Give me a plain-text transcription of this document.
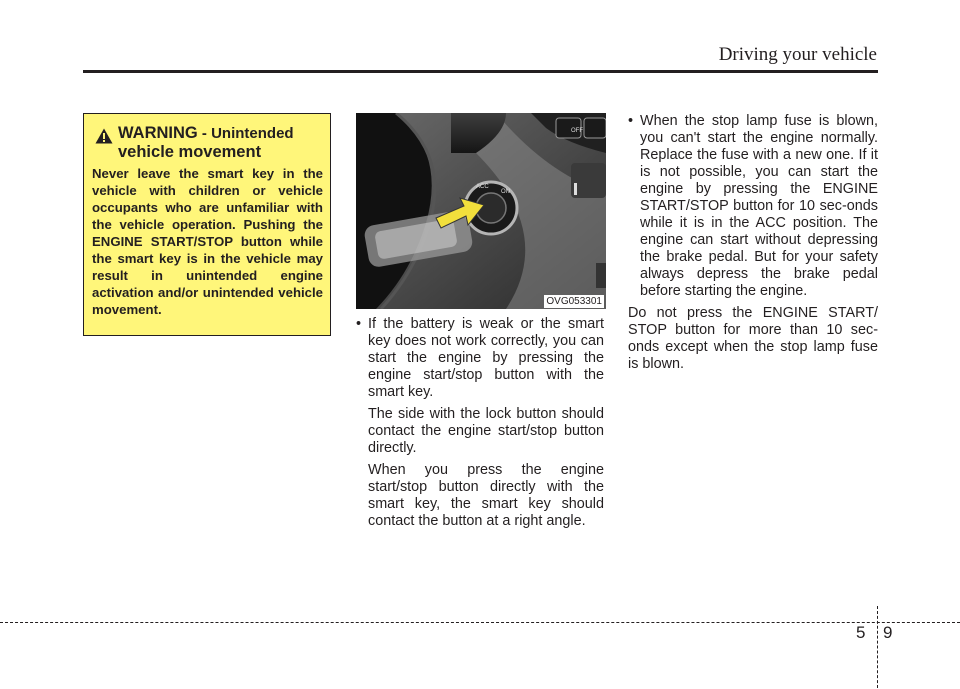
Driving your vehicle
WARNING - Unintended
vehicle movement
Never leave the smart key in the vehicle with children or vehicle occupants who are unfamiliar with the vehicle operation. Pushing the ENGINE START/STOP button while the smart key is in the vehicle may result in unintended engine activation and/or unintended vehicle movement.
ACC
ON
OFF
OVG053301
• If the battery is weak or the smart key does not work correctly, you can start the engine by pressing the engine start/stop button with the smart key.
The side with the lock button should contact the engine start/stop button directly.
When you press the engine start/stop button directly with the smart key, the smart key should contact the button at a right angle.
• When the stop lamp fuse is blown, you can't start the engine normally. Replace the fuse with a new one. If it is not possible, you can start the engine by pressing the ENGINE START/STOP button for 10 sec-onds while it is in the ACC position. The engine can start without depressing the brake pedal. But for your safety always depress the brake pedal before starting the engine.
Do not press the ENGINE START/ STOP button for more than 10 sec-onds except when the stop lamp fuse is blown.
5 9
